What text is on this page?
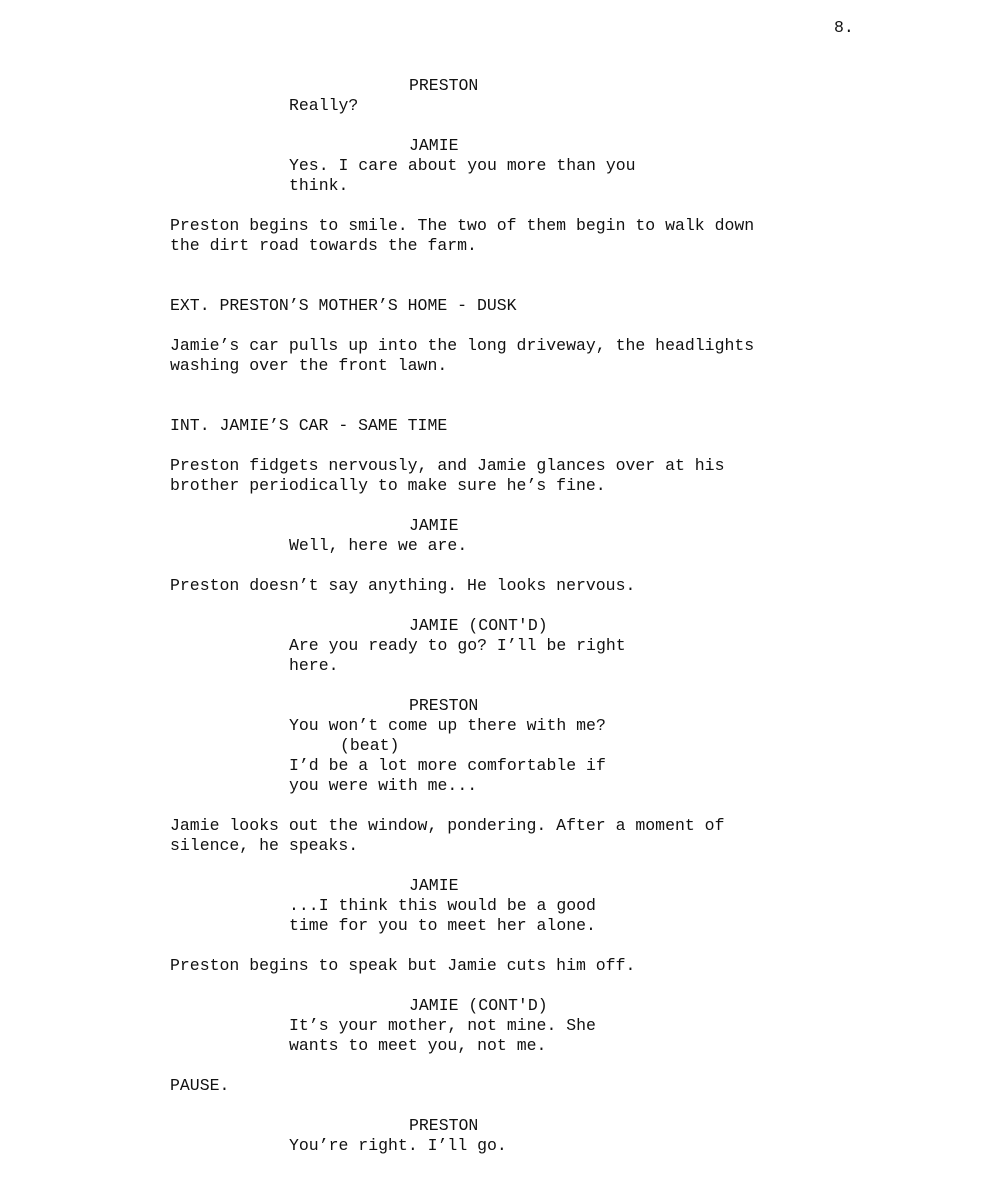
8.
PRESTON
Really?
JAMIE
Yes. I care about you more than you
think.
Preston begins to smile. The two of them begin to walk down
the dirt road towards the farm.
EXT. PRESTON’S MOTHER’S HOME - DUSK
Jamie’s car pulls up into the long driveway, the headlights
washing over the front lawn.
INT. JAMIE’S CAR - SAME TIME
Preston fidgets nervously, and Jamie glances over at his
brother periodically to make sure he’s fine.
JAMIE
Well, here we are.
Preston doesn’t say anything. He looks nervous.
JAMIE (CONT'D)
Are you ready to go? I’ll be right
here.
PRESTON
You won’t come up there with me?
(beat)
I’d be a lot more comfortable if
you were with me...
Jamie looks out the window, pondering. After a moment of
silence, he speaks.
JAMIE
...I think this would be a good
time for you to meet her alone.
Preston begins to speak but Jamie cuts him off.
JAMIE (CONT'D)
It’s your mother, not mine. She
wants to meet you, not me.
PAUSE.
PRESTON
You’re right. I’ll go.
